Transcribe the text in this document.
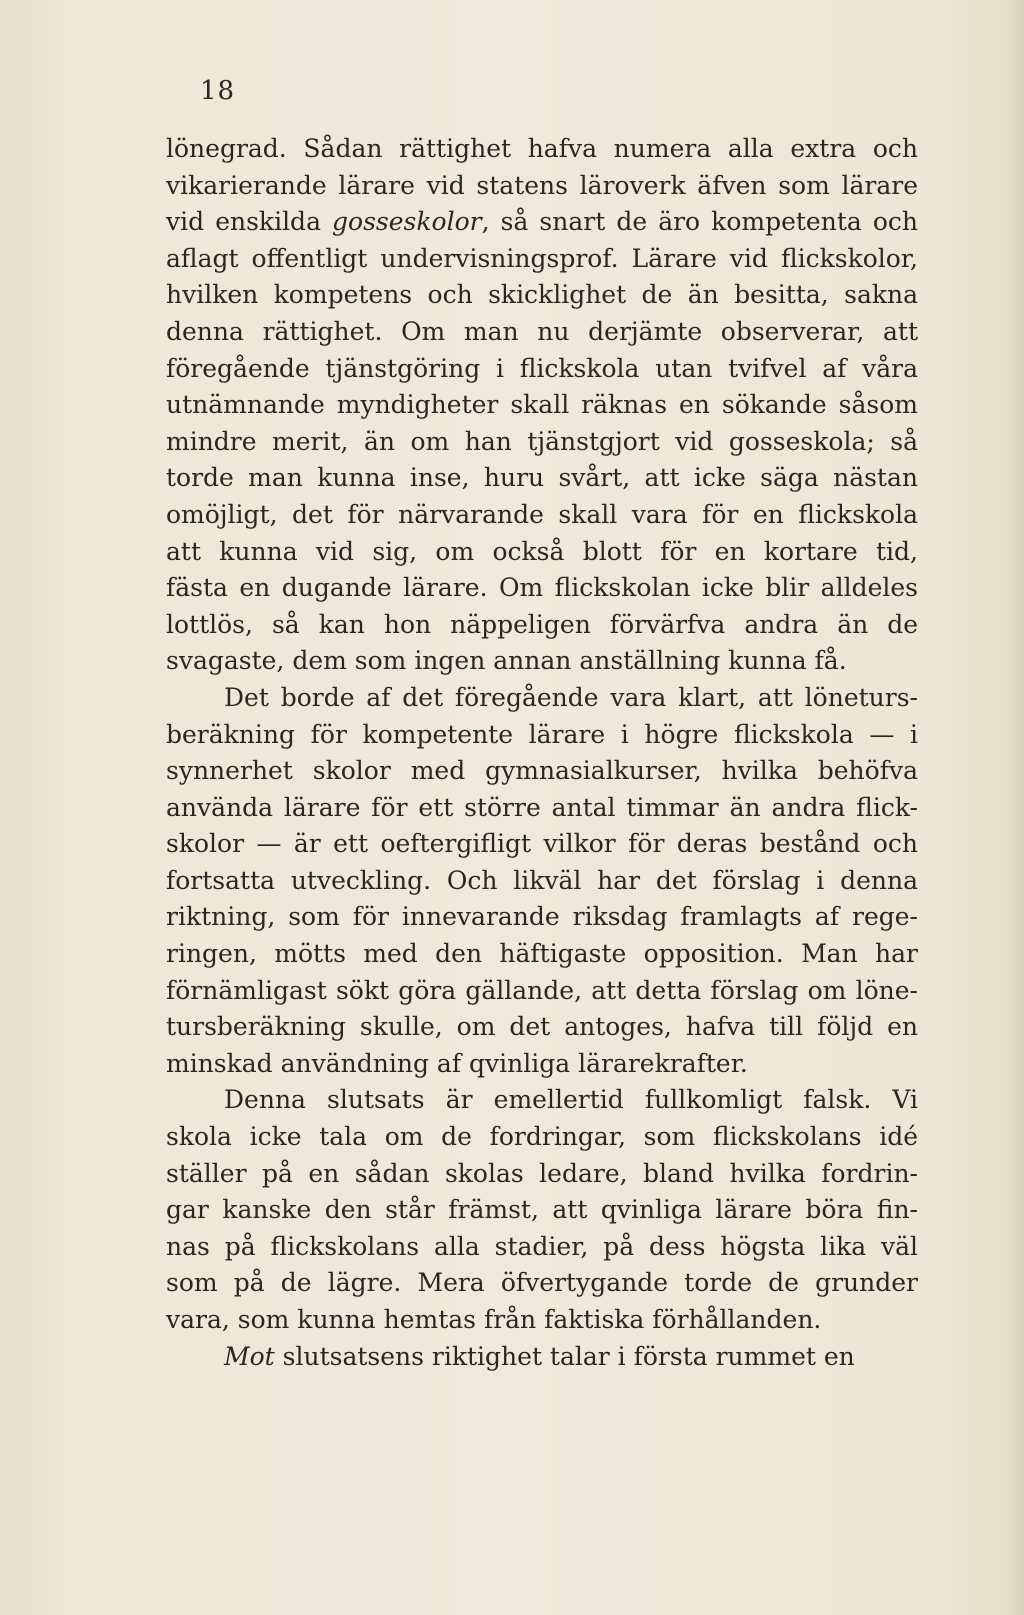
18
lönegrad. Sådan rättighet hafva numera alla extra och
vikarierande lärare vid statens läroverk äfven som lärare
vid enskilda gosseskolor, så snart de äro kompetenta och
aflagt offentligt undervisningsprof. Lärare vid flickskolor,
hvilken kompetens och skicklighet de än besitta, sakna
denna rättighet. Om man nu derjämte observerar, att
föregående tjänstgöring i flickskola utan tvifvel af våra
utnämnande myndigheter skall räknas en sökande såsom
mindre merit, än om han tjänstgjort vid gosseskola; så
torde man kunna inse, huru svårt, att icke säga nästan
omöjligt, det för närvarande skall vara för en flickskola
att kunna vid sig, om också blott för en kortare tid,
fästa en dugande lärare. Om flickskolan icke blir alldeles
lottlös, så kan hon näppeligen förvärfva andra än de
svagaste, dem som ingen annan anställning kunna få.
Det borde af det föregående vara klart, att löneturs-
beräkning för kompetente lärare i högre flickskola — i
synnerhet skolor med gymnasialkurser, hvilka behöfva
använda lärare för ett större antal timmar än andra flick-
skolor — är ett oeftergifligt vilkor för deras bestånd och
fortsatta utveckling. Och likväl har det förslag i denna
riktning, som för innevarande riksdag framlagts af rege-
ringen, mötts med den häftigaste opposition. Man har
förnämligast sökt göra gällande, att detta förslag om löne-
tursberäkning skulle, om det antoges, hafva till följd en
minskad användning af qvinliga lärarekrafter.
Denna slutsats är emellertid fullkomligt falsk. Vi
skola icke tala om de fordringar, som flickskolans idé
ställer på en sådan skolas ledare, bland hvilka fordrin-
gar kanske den står främst, att qvinliga lärare böra fin-
nas på flickskolans alla stadier, på dess högsta lika väl
som på de lägre. Mera öfvertygande torde de grunder
vara, som kunna hemtas från faktiska förhållanden.
Mot slutsatsens riktighet talar i första rummet en
